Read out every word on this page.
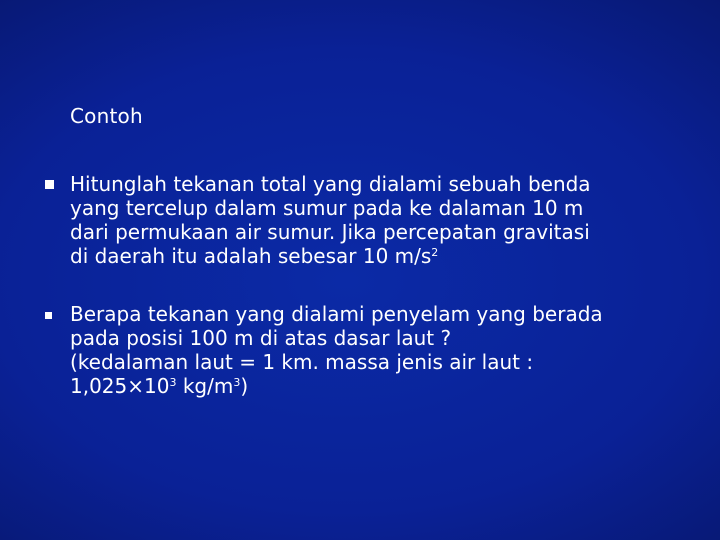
Contoh
Hitunglah tekanan total yang dialami sebuah benda
yang tercelup dalam sumur pada ke dalaman 10 m
dari permukaan air sumur. Jika percepatan gravitasi
di daerah itu adalah sebesar 10 $m/s^2$
Berapa tekanan yang dialami penyelam yang berada
pada posisi 100 m di atas dasar laut ?
(kedalaman laut = 1 km. massa jenis air laut :
$1,025\times 10^3$ $kg/m^3$)
